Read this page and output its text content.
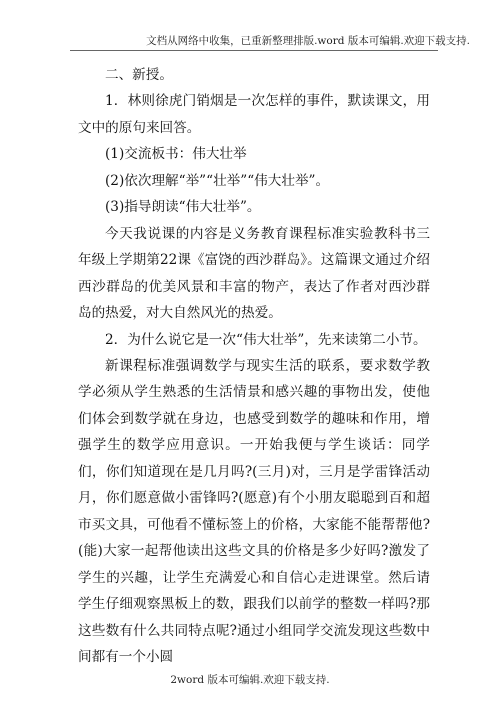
文档从网络中收集，已重新整理排版.word 版本可编辑.欢迎下载支持.

二、新授。

1．林则徐虎门销烟是一次怎样的事件，默读课文，用文中的原句来回答。

(1)交流板书：伟大壮举

(2)依次理解“举”“壮举”“伟大壮举”。

(3)指导朗读“伟大壮举”。

今天我说课的内容是义务教育课程标准实验教科书三年级上学期第22课《富饶的西沙群岛》。这篇课文通过介绍西沙群岛的优美风景和丰富的物产，表达了作者对西沙群岛的热爱，对大自然风光的热爱。

2．为什么说它是一次“伟大壮举”，先来读第二小节。

新课程标准强调数学与现实生活的联系，要求数学教学必须从学生熟悉的生活情景和感兴趣的事物出发，使他们体会到数学就在身边，也感受到数学的趣味和作用，增强学生的数学应用意识。一开始我便与学生谈话：同学们，你们知道现在是几月吗?(三月)对，三月是学雷锋活动月，你们愿意做小雷锋吗?(愿意)有个小朋友聪聪到百和超市买文具，可他看不懂标签上的价格，大家能不能帮帮他?(能)大家一起帮他读出这些文具的价格是多少好吗?激发了学生的兴趣，让学生充满爱心和自信心走进课堂。然后请学生仔细观察黑板上的数，跟我们以前学的整数一样吗?那这些数有什么共同特点呢?通过小组同学交流发现这些数中间都有一个小圆

2word 版本可编辑.欢迎下载支持.
